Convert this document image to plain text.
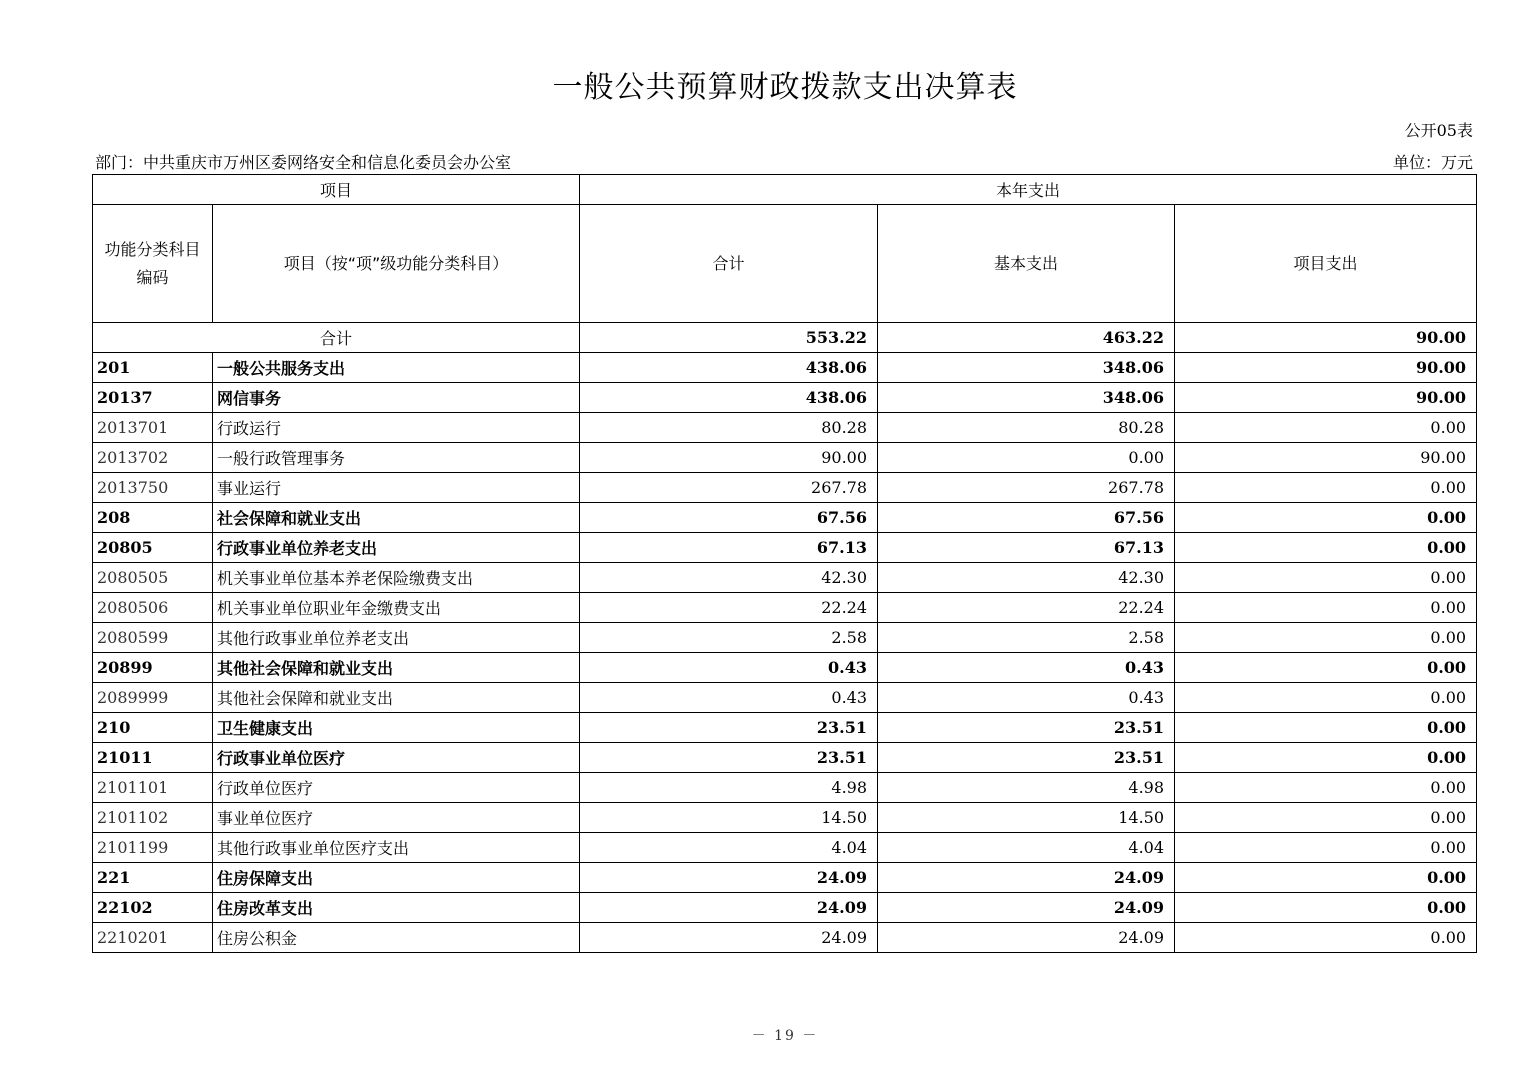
一般公共预算财政拨款支出决算表
公开05表
部门：中共重庆市万州区委网络安全和信息化委员会办公室	单位：万元
项目		本年支出		
功能分类科目编码	项目（按“项”级功能分类科目）	合计	基本支出	项目支出
合计		553.22	463.22	90.00
201	一般公共服务支出	438.06	348.06	90.00
20137	网信事务	438.06	348.06	90.00
2013701	行政运行	80.28	80.28	0.00
2013702	一般行政管理事务	90.00	0.00	90.00
2013750	事业运行	267.78	267.78	0.00
208	社会保障和就业支出	67.56	67.56	0.00
20805	行政事业单位养老支出	67.13	67.13	0.00
2080505	机关事业单位基本养老保险缴费支出	42.30	42.30	0.00
2080506	机关事业单位职业年金缴费支出	22.24	22.24	0.00
2080599	其他行政事业单位养老支出	2.58	2.58	0.00
20899	其他社会保障和就业支出	0.43	0.43	0.00
2089999	其他社会保障和就业支出	0.43	0.43	0.00
210	卫生健康支出	23.51	23.51	0.00
21011	行政事业单位医疗	23.51	23.51	0.00
2101101	行政单位医疗	4.98	4.98	0.00
2101102	事业单位医疗	14.50	14.50	0.00
2101199	其他行政事业单位医疗支出	4.04	4.04	0.00
221	住房保障支出	24.09	24.09	0.00
22102	住房改革支出	24.09	24.09	0.00
2210201	住房公积金	24.09	24.09	0.00
－ 19 －
